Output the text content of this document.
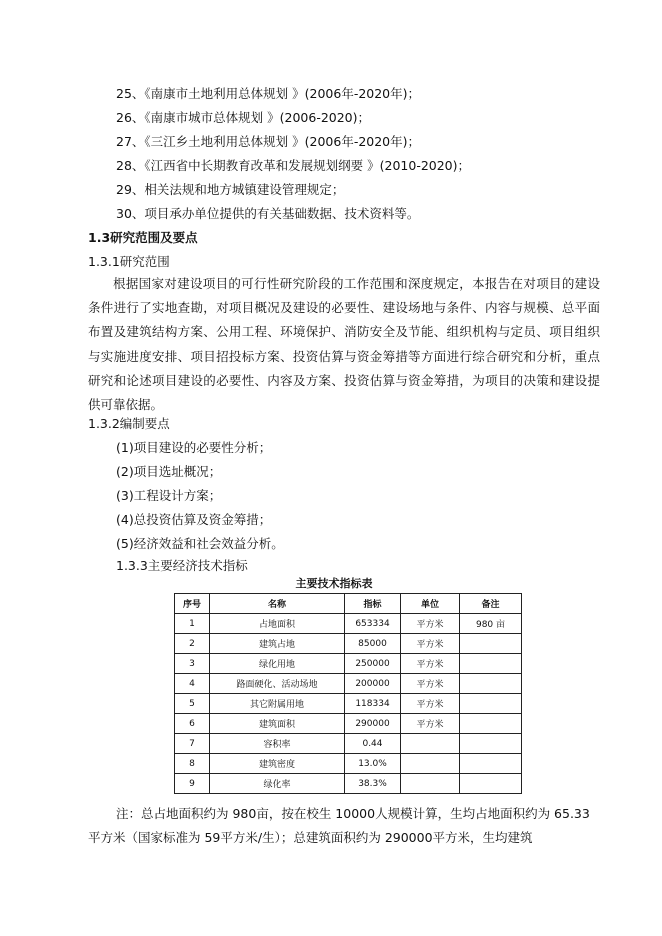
25、《南康市土地利用总体规划 》(2006年-2020年)；
26、《南康市城市总体规划 》(2006-2020)；
27、《三江乡土地利用总体规划 》(2006年-2020年)；
28、《江西省中长期教育改革和发展规划纲要 》(2010-2020)；
29、相关法规和地方城镇建设管理规定；
30、项目承办单位提供的有关基础数据、技术资料等。
1.3研究范围及要点
1.3.1研究范围
根据国家对建设项目的可行性研究阶段的工作范围和深度规定，本报告在对项目的建设条件进行了实地查勘，对项目概况及建设的必要性、建设场地与条件、内容与规模、总平面布置及建筑结构方案、公用工程、环境保护、消防安全及节能、组织机构与定员、项目组织与实施进度安排、项目招投标方案、投资估算与资金筹措等方面进行综合研究和分析，重点研究和论述项目建设的必要性、内容及方案、投资估算与资金筹措，为项目的决策和建设提供可靠依据。
1.3.2编制要点
(1)项目建设的必要性分析；
(2)项目选址概况；
(3)工程设计方案；
(4)总投资估算及资金筹措；
(5)经济效益和社会效益分析。
1.3.3主要经济技术指标
主要技术指标表
序号	名称	指标	单位	备注
1	占地面积	653334	平方米	980 亩
2	建筑占地	85000	平方米	
3	绿化用地	250000	平方米	
4	路面硬化、活动场地	200000	平方米	
5	其它附属用地	118334	平方米	
6	建筑面积	290000	平方米	
7	容积率	0.44		
8	建筑密度	13.0%		
9	绿化率	38.3%		
注：总占地面积约为 980亩，按在校生 10000人规模计算，生均占地面积约为 65.33平方米（国家标准为 59平方米/生）；总建筑面积约为 290000平方米，生均建筑
